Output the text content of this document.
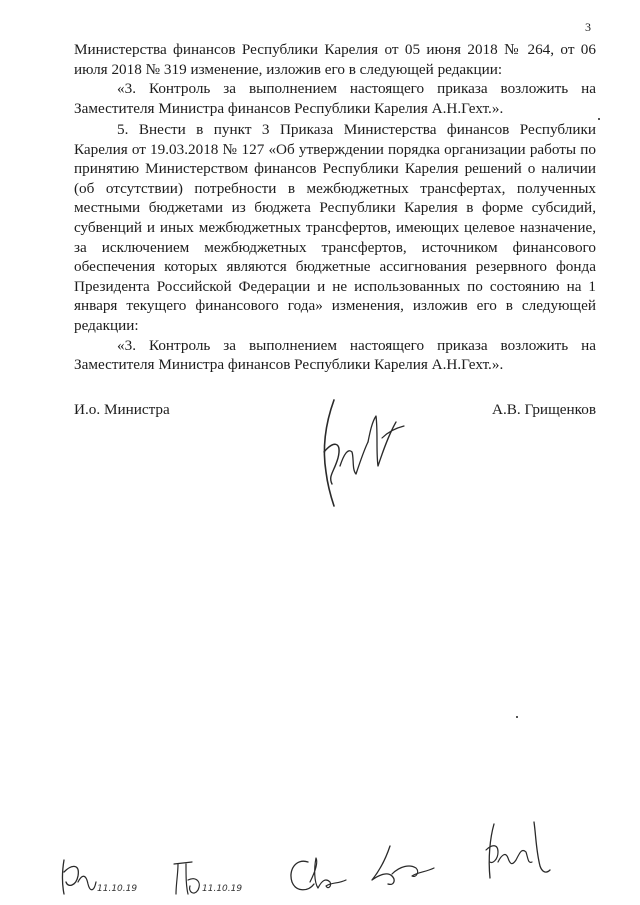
3

Министерства финансов Республики Карелия от 05 июня 2018 № 264, от 06 июля 2018 № 319 изменение, изложив его в следующей редакции:

«3. Контроль за выполнением настоящего приказа возложить на Заместителя Министра финансов Республики Карелия А.Н.Гехт.».

5. Внести в пункт 3 Приказа Министерства финансов Республики Карелия от 19.03.2018 № 127 «Об утверждении порядка организации работы по принятию Министерством финансов Республики Карелия решений о наличии (об отсутствии) потребности в межбюджетных трансфертах, полученных местными бюджетами из бюджета Республики Карелия в форме субсидий, субвенций и иных межбюджетных трансфертов, имеющих целевое назначение, за исключением межбюджетных трансфертов, источником финансового обеспечения которых являются бюджетные ассигнования резервного фонда Президента Российской Федерации и не использованных по состоянию на 1 января текущего финансового года» изменения, изложив его в следующей редакции:

«3. Контроль за выполнением настоящего приказа возложить на Заместителя Министра финансов Республики Карелия А.Н.Гехт.».

И.о. Министра	А.В. Грищенков
11.10.19	11.10.19
